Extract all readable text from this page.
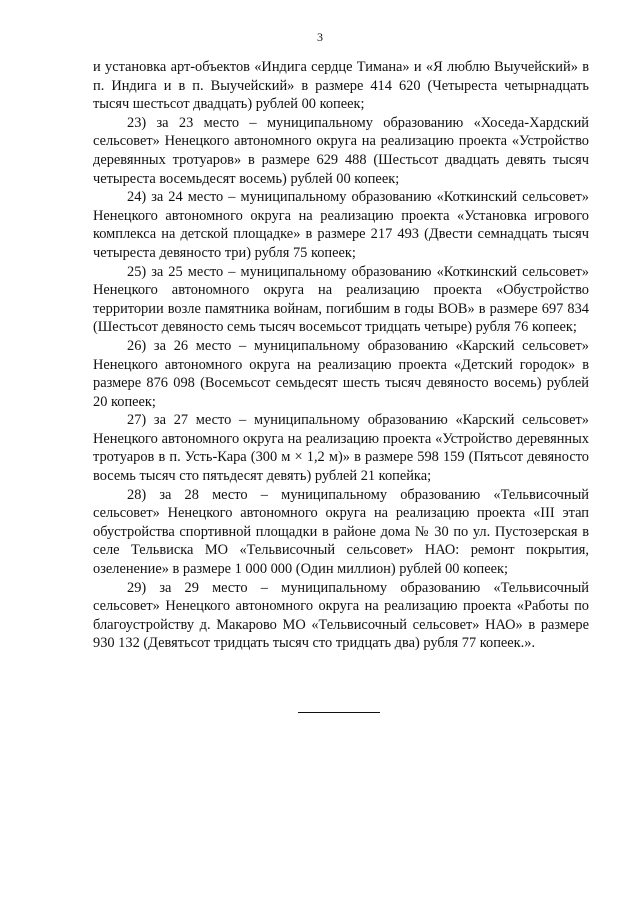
3

и установка арт-объектов «Индига сердце Тимана» и «Я люблю Выучейский» в п. Индига и в п. Выучейский» в размере 414 620 (Четыреста четырнадцать тысяч шестьсот двадцать) рублей 00 копеек;

23) за 23 место – муниципальному образованию «Хоседа-Хардский сельсовет» Ненецкого автономного округа на реализацию проекта «Устройство деревянных тротуаров» в размере 629 488 (Шестьсот двадцать девять тысяч четыреста восемьдесят восемь) рублей 00 копеек;

24) за 24 место – муниципальному образованию «Коткинский сельсовет» Ненецкого автономного округа на реализацию проекта «Установка игрового комплекса на детской площадке» в размере 217 493 (Двести семнадцать тысяч четыреста девяносто три) рубля 75 копеек;

25) за 25 место – муниципальному образованию «Коткинский сельсовет» Ненецкого автономного округа на реализацию проекта «Обустройство территории возле памятника войнам, погибшим в годы ВОВ» в размере 697 834 (Шестьсот девяносто семь тысяч восемьсот тридцать четыре) рубля 76 копеек;

26) за 26 место – муниципальному образованию «Карский сельсовет» Ненецкого автономного округа на реализацию проекта «Детский городок» в размере 876 098 (Восемьсот семьдесят шесть тысяч девяносто восемь) рублей 20 копеек;

27) за 27 место – муниципальному образованию «Карский сельсовет» Ненецкого автономного округа на реализацию проекта «Устройство деревянных тротуаров в п. Усть-Кара (300 м × 1,2 м)» в размере 598 159 (Пятьсот девяносто восемь тысяч сто пятьдесят девять) рублей 21 копейка;

28) за 28 место – муниципальному образованию «Тельвисочный сельсовет» Ненецкого автономного округа на реализацию проекта «III этап обустройства спортивной площадки в районе дома № 30 по ул. Пустозерская в селе Тельвиска МО «Тельвисочный сельсовет» НАО: ремонт покрытия, озеленение» в размере 1 000 000 (Один миллион) рублей 00 копеек;

29) за 29 место – муниципальному образованию «Тельвисочный сельсовет» Ненецкого автономного округа на реализацию проекта «Работы по благоустройству д. Макарово МО «Тельвисочный сельсовет» НАО» в размере 930 132 (Девятьсот тридцать тысяч сто тридцать два) рубля 77 копеек.».
